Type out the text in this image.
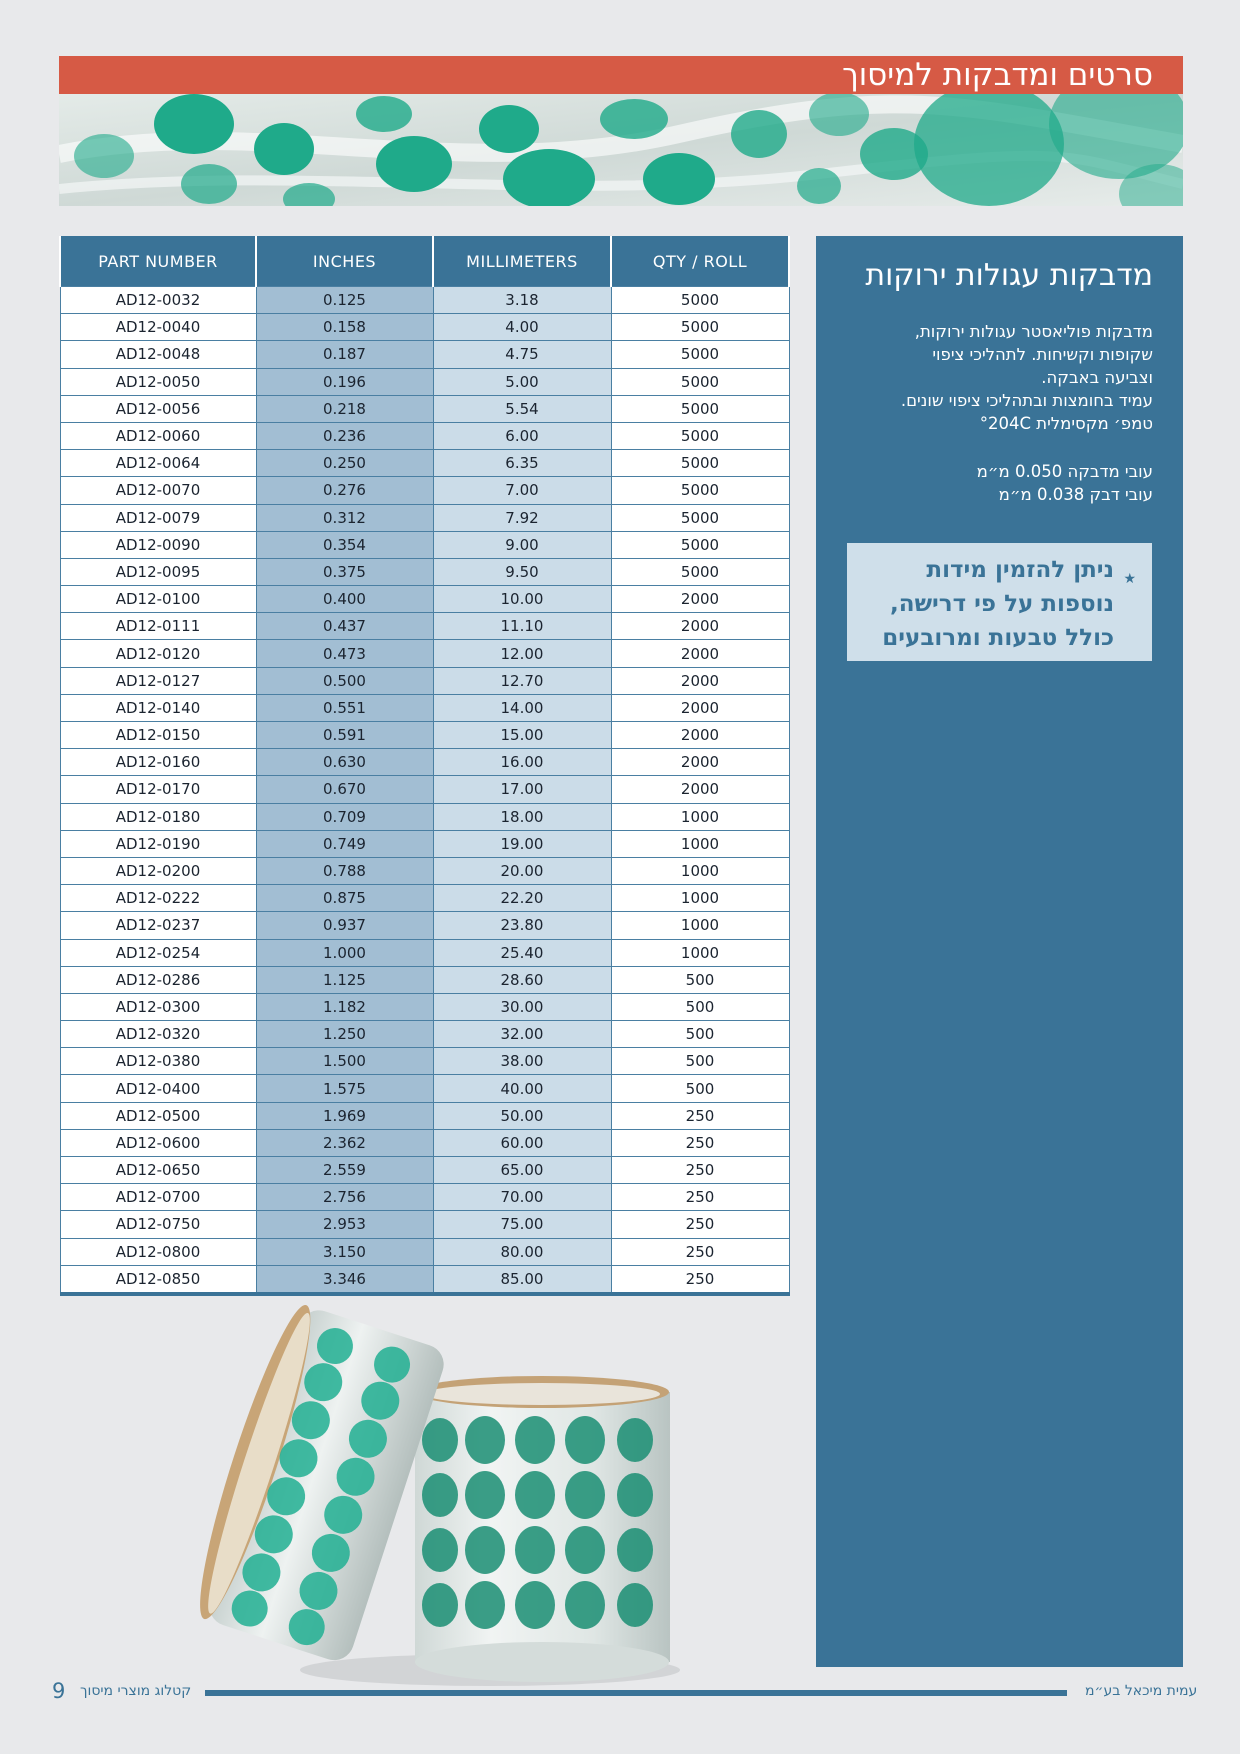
סרטים ומדבקות למיסוך
PART NUMBER	INCHES	MILLIMETERS	QTY / ROLL
AD12-0032	0.125	3.18	5000
AD12-0040	0.158	4.00	5000
AD12-0048	0.187	4.75	5000
AD12-0050	0.196	5.00	5000
AD12-0056	0.218	5.54	5000
AD12-0060	0.236	6.00	5000
AD12-0064	0.250	6.35	5000
AD12-0070	0.276	7.00	5000
AD12-0079	0.312	7.92	5000
AD12-0090	0.354	9.00	5000
AD12-0095	0.375	9.50	5000
AD12-0100	0.400	10.00	2000
AD12-0111	0.437	11.10	2000
AD12-0120	0.473	12.00	2000
AD12-0127	0.500	12.70	2000
AD12-0140	0.551	14.00	2000
AD12-0150	0.591	15.00	2000
AD12-0160	0.630	16.00	2000
AD12-0170	0.670	17.00	2000
AD12-0180	0.709	18.00	1000
AD12-0190	0.749	19.00	1000
AD12-0200	0.788	20.00	1000
AD12-0222	0.875	22.20	1000
AD12-0237	0.937	23.80	1000
AD12-0254	1.000	25.40	1000
AD12-0286	1.125	28.60	500
AD12-0300	1.182	30.00	500
AD12-0320	1.250	32.00	500
AD12-0380	1.500	38.00	500
AD12-0400	1.575	40.00	500
AD12-0500	1.969	50.00	250
AD12-0600	2.362	60.00	250
AD12-0650	2.559	65.00	250
AD12-0700	2.756	70.00	250
AD12-0750	2.953	75.00	250
AD12-0800	3.150	80.00	250
AD12-0850	3.346	85.00	250
מדבקות עגולות ירוקות
מדבקות פוליאסטר עגולות ירוקות,
שקופות וקשיחות. לתהליכי ציפוי
וצביעה באבקה.
עמיד בחומצות ובתהליכי ציפוי שונים.
טמפ׳ מקסימלית 204C°
עובי מדבקה 0.050 מ״מ
עובי דבק 0.038 מ״מ
★
ניתן להזמין מידות
נוספות על פי דרישה,
כולל טבעות ומרובעים
9 קטלוג מוצרי מיסוך	עמית מיכאל בע״מ
